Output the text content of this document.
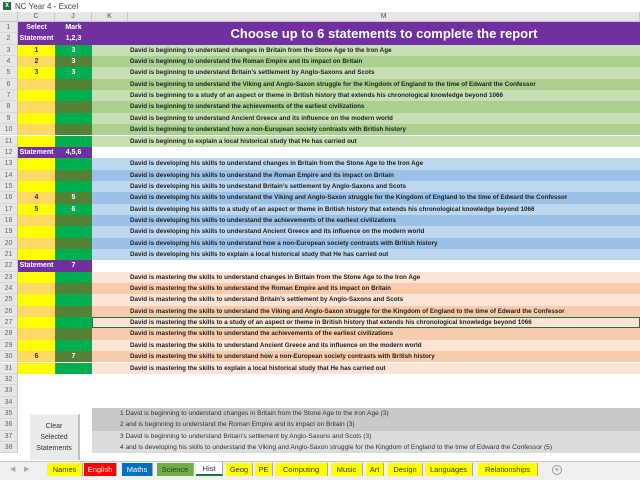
X NC Year 4 - Excel
C	J	K	M
1	Select	Mark
2	Statement	1,2,3	Choose up to 6 statements to complete the report
3	1	3	David is beginning to understand changes in Britain from the Stone Age to the Iron Age
4	2	3	David is beginning to understand the Roman Empire and its impact on Britain
5	3	3	David is beginning to understand Britain’s settlement by Anglo-Saxons and Scots
6	David is beginning to understand the Viking and Anglo-Saxon struggle for the Kingdom of England to the time of Edward the Confessor
7	David is beginning to a study of an aspect or theme in British history that extends his chronological knowledge beyond 1066
8	David is beginning to understand the achievements of the earliest civilizations
9	David is beginning to understand Ancient Greece and its influence on the modern world
10	David is beginning to understand how a non-European society contrasts with British history
11	David is beginning to explain a local historical study that He has carried out
12	Statement	4,5,6
13	David is developing his skills to understand changes in Britain from the Stone Age to the Iron Age
14	David is developing his skills to understand the Roman Empire and its impact on Britain
15	David is developing his skills to understand Britain’s settlement by Anglo-Saxons and Scots
16	4	5	David is developing his skills to understand the Viking and Anglo-Saxon struggle for the Kingdom of England to the time of Edward the Confessor
17	5	6	David is developing his skills to a study of an aspect or theme in British history that extends his chronological knowledge beyond 1066
18	David is developing his skills to understand the achievements of the earliest civilizations
19	David is developing his skills to understand Ancient Greece and its influence on the modern world
20	David is developing his skills to understand how a non-European society contrasts with British history
21	David is developing his skills to explain a local historical study that He has carried out
22	Statement	7
23	David is mastering the skills to understand changes in Britain from the Stone Age to the Iron Age
24	David is mastering the skills to understand the Roman Empire and its impact on Britain
25	David is mastering the skills to understand Britain’s settlement by Anglo-Saxons and Scots
26	David is mastering the skills to understand the Viking and Anglo-Saxon struggle for the Kingdom of England to the time of Edward the Confessor
27	David is mastering the skills to a study of an aspect or theme in British history that extends his chronological knowledge beyond 1066
28	David is mastering the skills to understand the achievements of the earliest civilizations
29	David is mastering the skills to understand Ancient Greece and its influence on the modern world
30	6	7	David is mastering the skills to understand how a non-European society contrasts with British history
31	David is mastering the skills to explain a local historical study that He has carried out
32
33
34
35	1 David is beginning to understand changes in Britain from the Stone Age to the Iron Age (3)
36	2 and is beginning to understand the Roman Empire and its impact on Britain (3)
37	3 David is beginning to understand Britain’s settlement by Anglo-Saxons and Scots (3)
38	4 and is developing his skills to understand the Viking and Anglo-Saxon struggle for the Kingdom of England to the time of Edward the Confessor (5)
Clear
Selected
Statements
◀ ▶	+
Names	English	Maths	Science	Hist	Geog	PE	Computing	Music	Art	Design	Languages	Relationships
